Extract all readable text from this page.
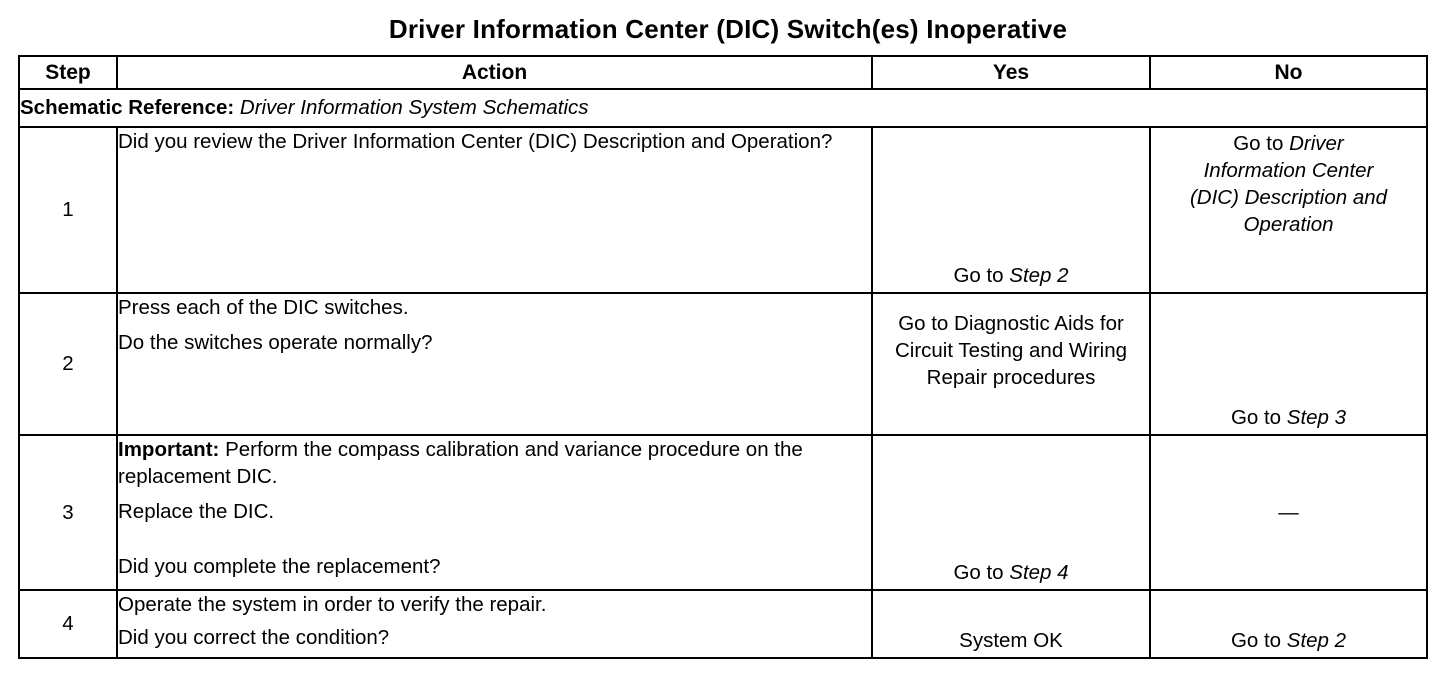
Driver Information Center (DIC) Switch(es) Inoperative
Step	Action	Yes	No
Schematic Reference: Driver Information System Schematics			
1	Did you review the Driver Information Center (DIC) Description and Operation?	Go to Step 2	Go to Driver Information Center (DIC) Description and Operation
2	Press each of the DIC switches.

Do the switches operate normally?	Go to Diagnostic Aids for Circuit Testing and Wiring Repair procedures	Go to Step 3
3	Important: Perform the compass calibration and variance procedure on the replacement DIC.

Replace the DIC.

Did you complete the replacement?	Go to Step 4	—
4	Operate the system in order to verify the repair.

Did you correct the condition?	System OK	Go to Step 2
